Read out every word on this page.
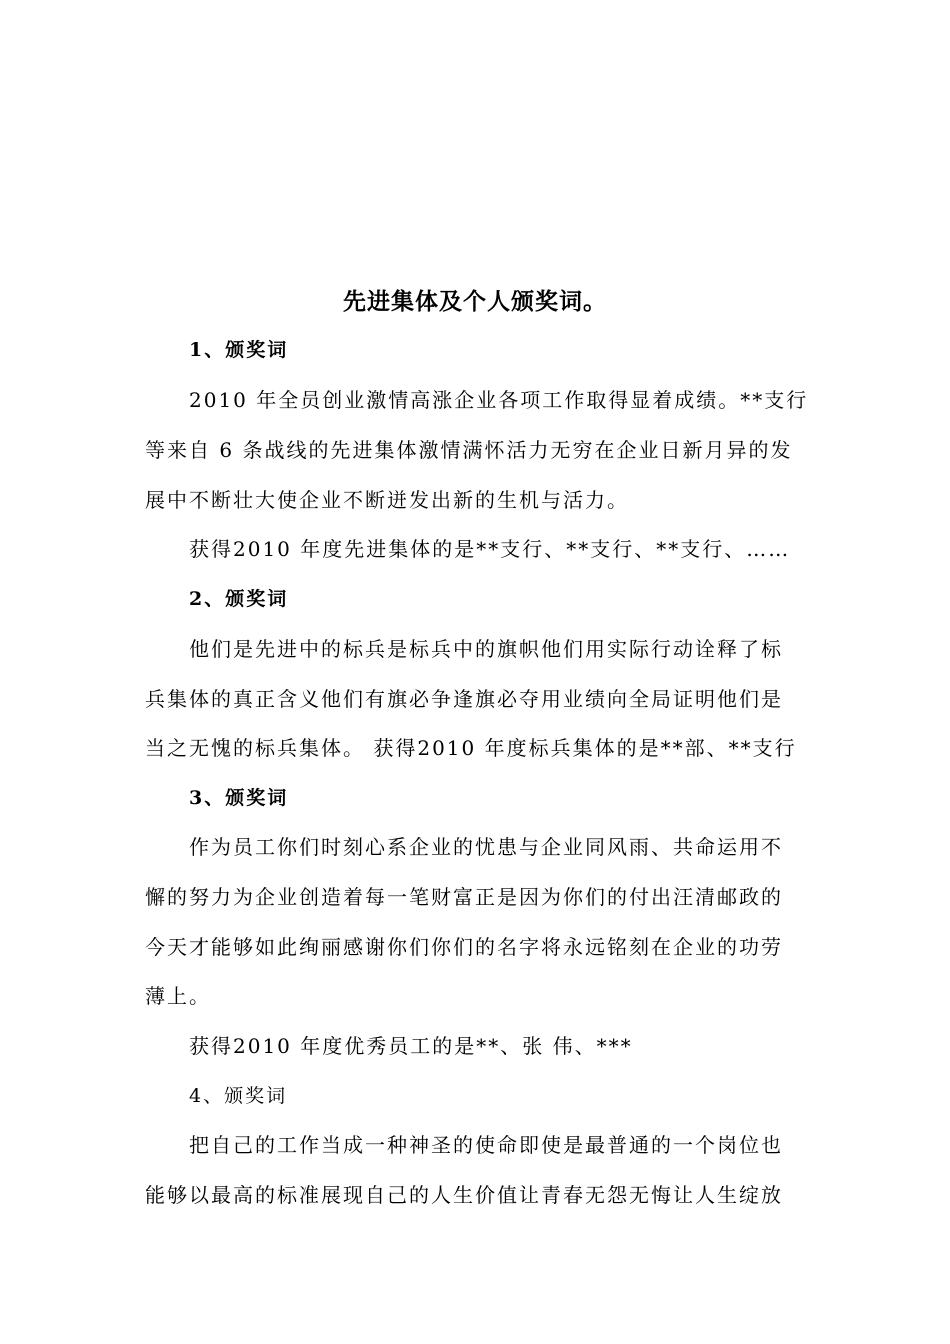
先进集体及个人颁奖词。
1、颁奖词
2010 年全员创业激情高涨企业各项工作取得显着成绩。**支行
等来自 6 条战线的先进集体激情满怀活力无穷在企业日新月异的发
展中不断壮大使企业不断迸发出新的生机与活力。
获得2010 年度先进集体的是**支行、**支行、**支行、……
2、颁奖词
他们是先进中的标兵是标兵中的旗帜他们用实际行动诠释了标
兵集体的真正含义他们有旗必争逢旗必夺用业绩向全局证明他们是
当之无愧的标兵集体。 获得2010 年度标兵集体的是**部、**支行
3、颁奖词
作为员工你们时刻心系企业的忧患与企业同风雨、共命运用不
懈的努力为企业创造着每一笔财富正是因为你们的付出汪清邮政的
今天才能够如此绚丽感谢你们你们的名字将永远铭刻在企业的功劳
薄上。
获得2010 年度优秀员工的是**、张 伟、***
4、颁奖词
把自己的工作当成一种神圣的使命即使是最普通的一个岗位也
能够以最高的标准展现自己的人生价值让青春无怨无悔让人生绽放
